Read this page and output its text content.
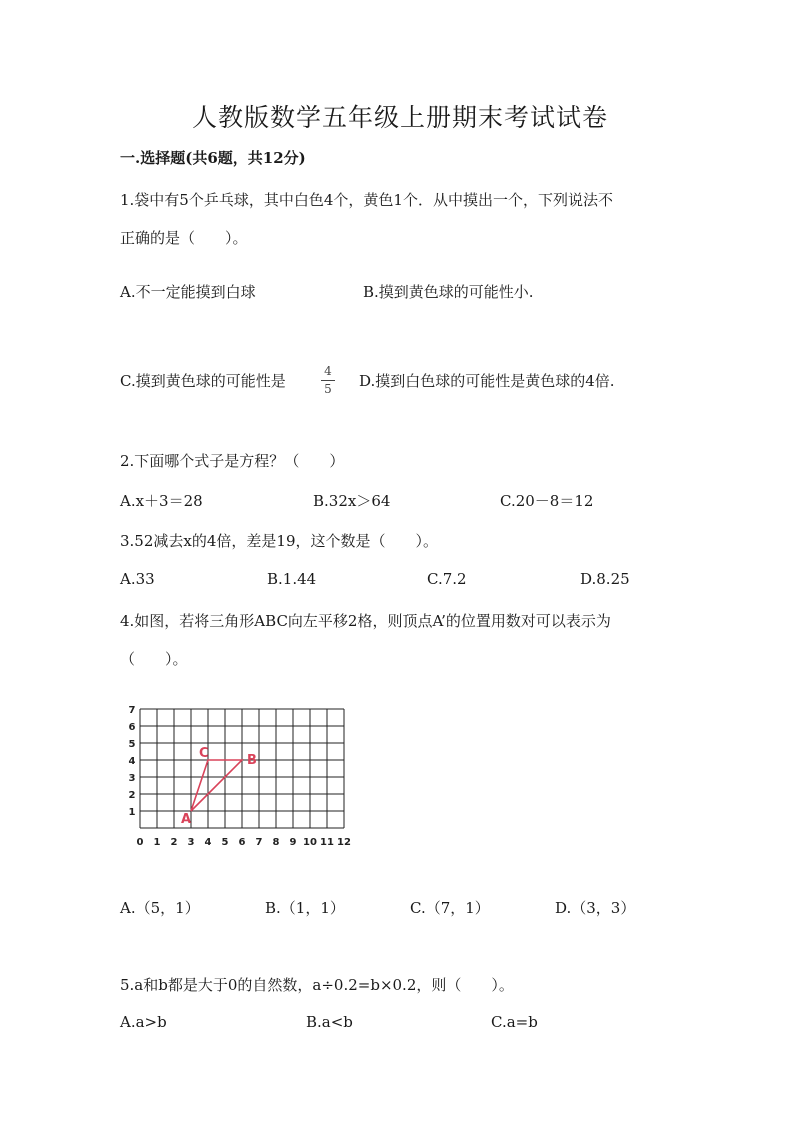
人教版数学五年级上册期末考试试卷
一.选择题(共6题，共12分)
1.袋中有5个乒乓球，其中白色4个，黄色1个．从中摸出一个，下列说法不
正确的是（　　）。
A.不一定能摸到白球	B.摸到黄色球的可能性小.
C.摸到黄色球的可能性是
4
5 D.摸到白色球的可能性是黄色球的4倍.
2.下面哪个式子是方程？（　　）
A.x＋3＝28	B.32x＞64	C.20－8＝12
3.52减去x的4倍，差是19，这个数是（　　）。
A.33	B.1.44	C.7.2	D.8.25
4.如图，若将三角形ABC向左平移2格，则顶点A’的位置用数对可以表示为
（　　）。
0 1 2 3 4 5 6 7 8 9 10 11 12
1
2
3
4
5
6
7
A
C	B
A.（5，1）	B.（1，1）	C.（7，1）	D.（3，3）
5.a和b都是大于0的自然数，a÷0.2=b×0.2，则（　　）。
A.a>b	B.a<b	C.a=b
